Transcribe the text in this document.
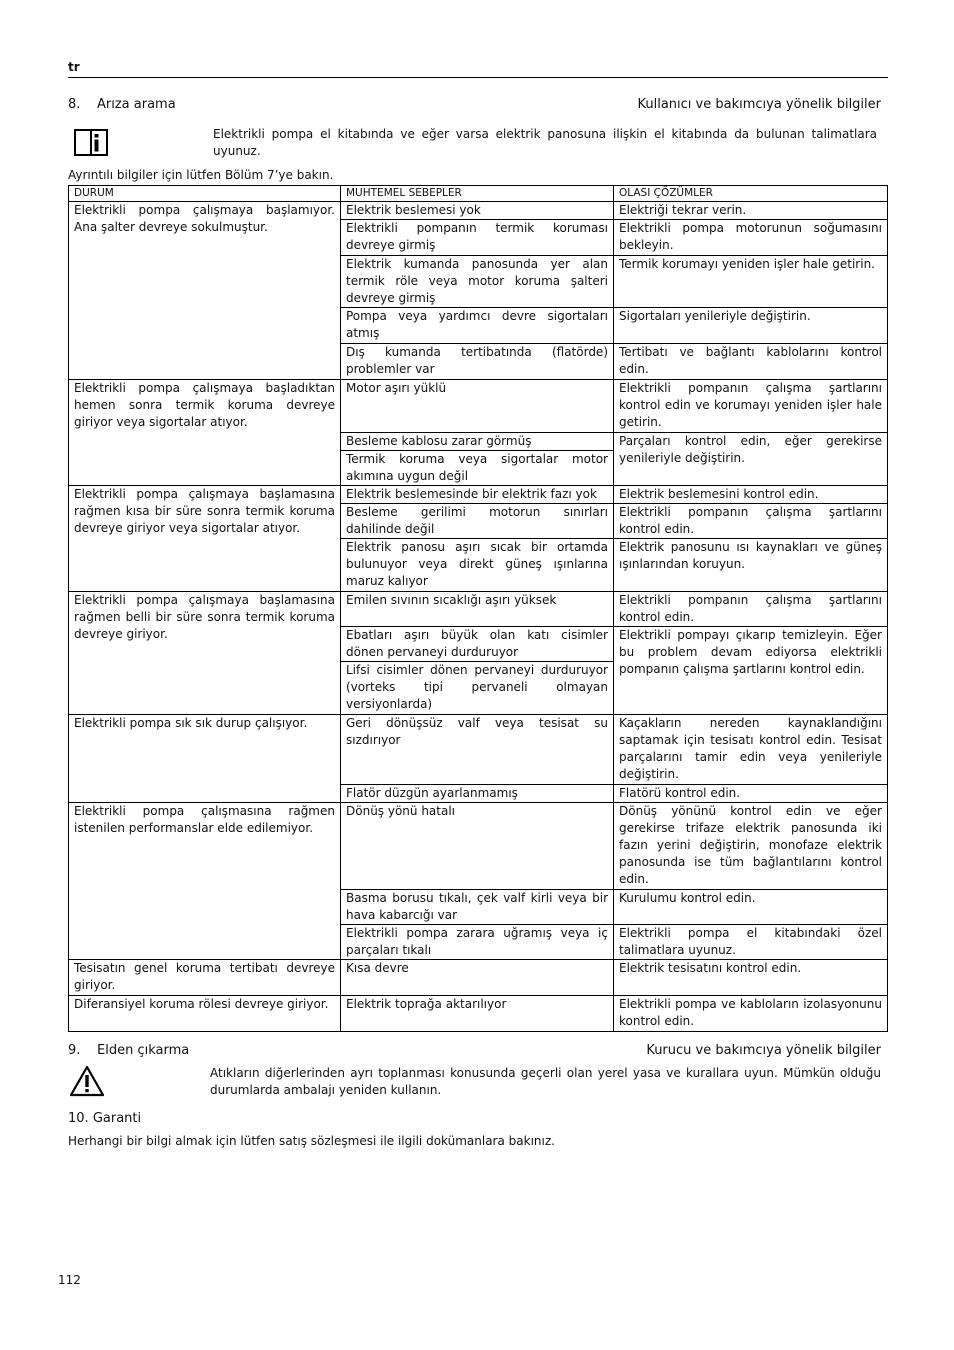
tr
8. Arıza arama	Kullanıcı ve bakımcıya yönelik bilgiler
Elektrikli pompa el kitabında ve eğer varsa elektrik panosuna ilişkin el kitabında da bulunan talimatlara uyunuz.
Ayrıntılı bilgiler için lütfen Bölüm 7’ye bakın.
DURUM	MUHTEMEL SEBEPLER	OLASI ÇÖZÜMLER
Elektrikli pompa çalışmaya başlamıyor. Ana şalter devreye sokulmuştur.	Elektrik beslemesi yok	Elektriği tekrar verin.
	Elektrikli pompanın termik koruması devreye girmiş	Elektrikli pompa motorunun soğumasını bekleyin.
	Elektrik kumanda panosunda yer alan termik röle veya motor koruma şalteri devreye girmiş	Termik korumayı yeniden işler hale getirin.
	Pompa veya yardımcı devre sigortaları atmış	Sigortaları yenileriyle değiştirin.
	Dış kumanda tertibatında (flatörde) problemler var	Tertibatı ve bağlantı kablolarını kontrol edin.
Elektrikli pompa çalışmaya başladıktan hemen sonra termik koruma devreye giriyor veya sigortalar atıyor.	Motor aşırı yüklü	Elektrikli pompanın çalışma şartlarını kontrol edin ve korumayı yeniden işler hale getirin.
	Besleme kablosu zarar görmüş	Parçaları kontrol edin, eğer gerekirse yenileriyle değiştirin.
	Termik koruma veya sigortalar motor akımına uygun değil	
Elektrikli pompa çalışmaya başlamasına rağmen kısa bir süre sonra termik koruma devreye giriyor veya sigortalar atıyor.	Elektrik beslemesinde bir elektrik fazı yok	Elektrik beslemesini kontrol edin.
	Besleme gerilimi motorun sınırları dahilinde değil	Elektrikli pompanın çalışma şartlarını kontrol edin.
	Elektrik panosu aşırı sıcak bir ortamda bulunuyor veya direkt güneş ışınlarına maruz kalıyor	Elektrik panosunu ısı kaynakları ve güneş ışınlarından koruyun.
Elektrikli pompa çalışmaya başlamasına rağmen belli bir süre sonra termik koruma devreye giriyor.	Emilen sıvının sıcaklığı aşırı yüksek	Elektrikli pompanın çalışma şartlarını kontrol edin.
	Ebatları aşırı büyük olan katı cisimler dönen pervaneyi durduruyor	Elektrikli pompayı çıkarıp temizleyin. Eğer bu problem devam ediyorsa elektrikli pompanın çalışma şartlarını kontrol edin.
	Lifsi cisimler dönen pervaneyi durduruyor (vorteks tipi pervaneli olmayan versiyonlarda)	
Elektrikli pompa sık sık durup çalışıyor.	Geri dönüşsüz valf veya tesisat su sızdırıyor	Kaçakların nereden kaynaklandığını saptamak için tesisatı kontrol edin. Tesisat parçalarını tamir edin veya yenileriyle değiştirin.
	Flatör düzgün ayarlanmamış	Flatörü kontrol edin.
Elektrikli pompa çalışmasına rağmen istenilen performanslar elde edilemiyor.	Dönüş yönü hatalı	Dönüş yönünü kontrol edin ve eğer gerekirse trifaze elektrik panosunda iki fazın yerini değiştirin, monofaze elektrik panosunda ise tüm bağlantılarını kontrol edin.
	Basma borusu tıkalı, çek valf kirli veya bir hava kabarcığı var	Kurulumu kontrol edin.
	Elektrikli pompa zarara uğramış veya iç parçaları tıkalı	Elektrikli pompa el kitabındaki özel talimatlara uyunuz.
Tesisatın genel koruma tertibatı devreye giriyor.	Kısa devre	Elektrik tesisatını kontrol edin.
Diferansiyel koruma rölesi devreye giriyor.	Elektrik toprağa aktarılıyor	Elektrikli pompa ve kabloların izolasyonunu kontrol edin.
9. Elden çıkarma	Kurucu ve bakımcıya yönelik bilgiler
Atıkların diğerlerinden ayrı toplanması konusunda geçerli olan yerel yasa ve kurallara uyun. Mümkün olduğu durumlarda ambalajı yeniden kullanın.
10. Garanti
Herhangi bir bilgi almak için lütfen satış sözleşmesi ile ilgili dokümanlara bakınız.
112
